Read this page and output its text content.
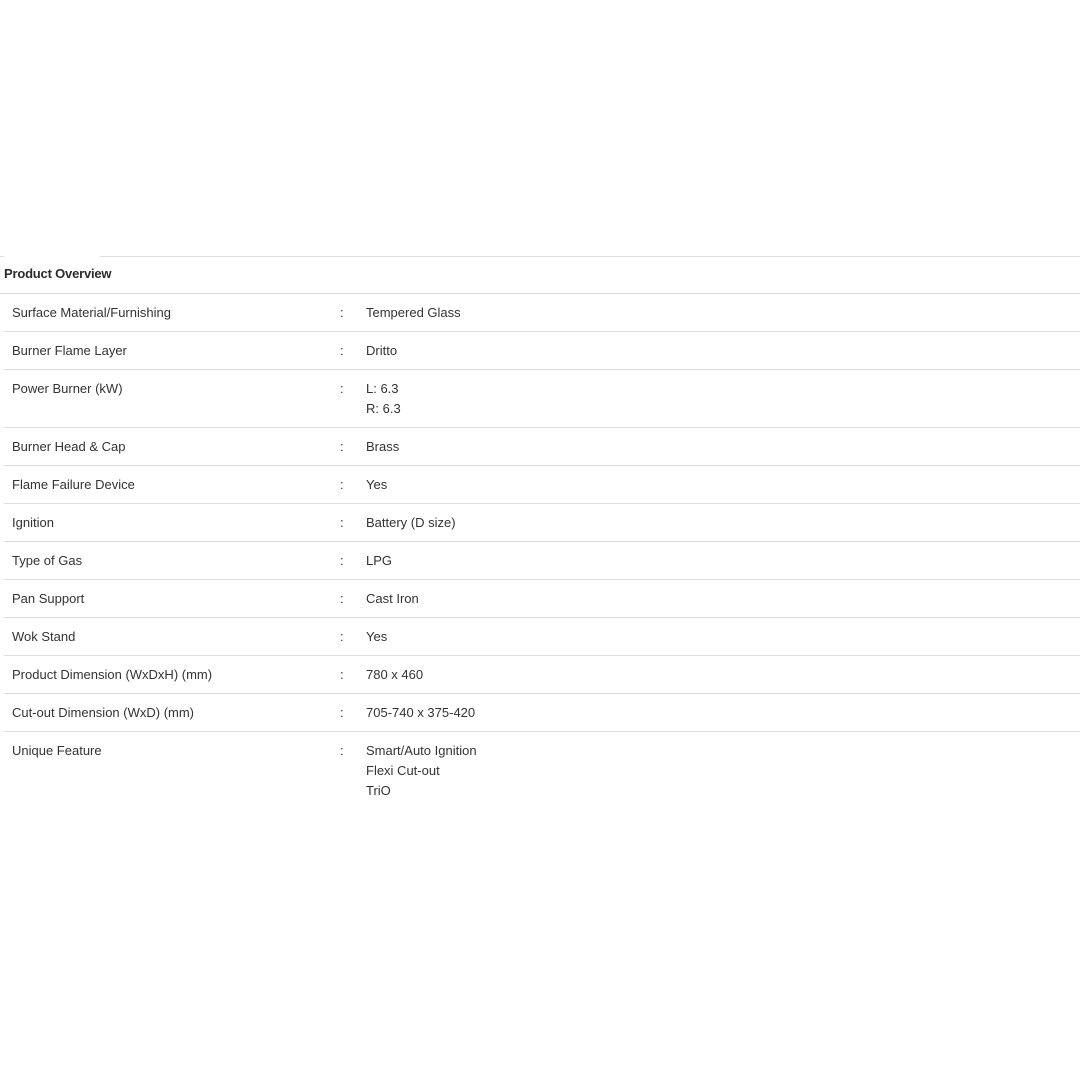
Product Overview
Surface Material/Furnishing	:	Tempered Glass
Burner Flame Layer	:	Dritto
Power Burner (kW)	:	L: 6.3
R: 6.3
Burner Head & Cap	:	Brass
Flame Failure Device	:	Yes
Ignition	:	Battery (D size)
Type of Gas	:	LPG
Pan Support	:	Cast Iron
Wok Stand	:	Yes
Product Dimension (WxDxH) (mm)	:	780 x 460
Cut-out Dimension (WxD) (mm)	:	705-740 x 375-420
Unique Feature	:	Smart/Auto Ignition
Flexi Cut-out
TriO
